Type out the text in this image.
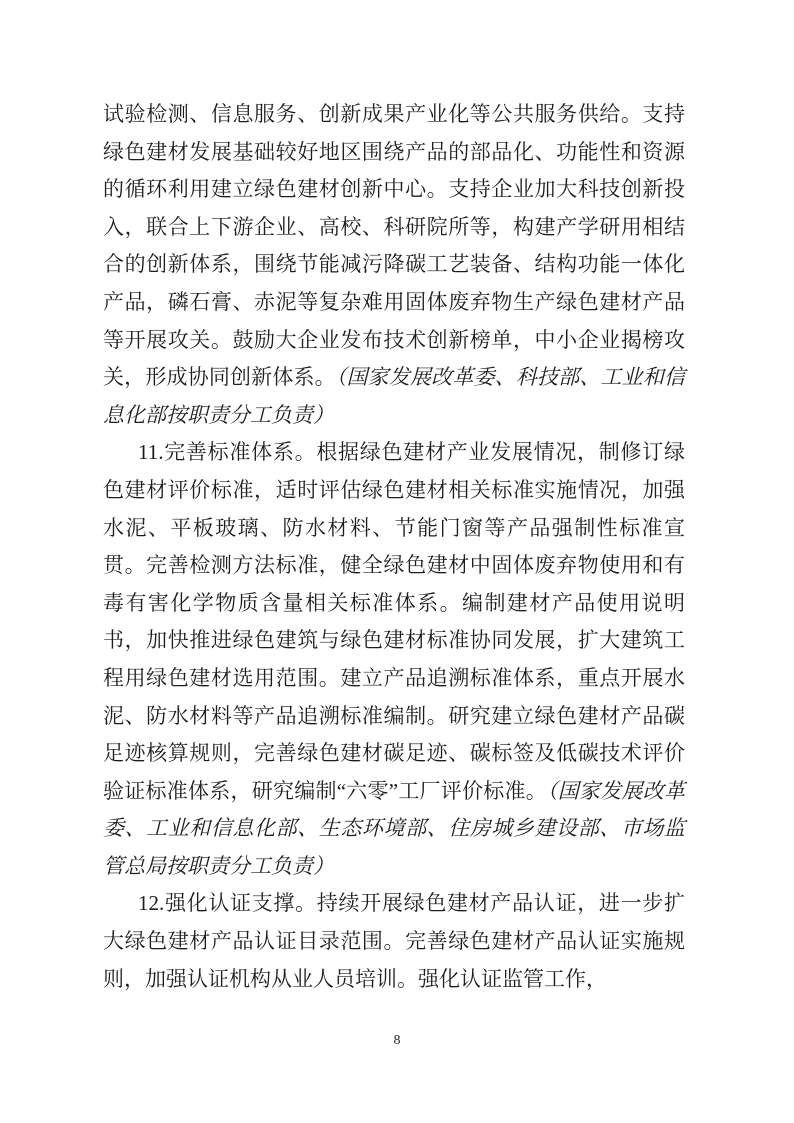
试验检测、信息服务、创新成果产业化等公共服务供给。支持绿色建材发展基础较好地区围绕产品的部品化、功能性和资源的循环利用建立绿色建材创新中心。支持企业加大科技创新投入，联合上下游企业、高校、科研院所等，构建产学研用相结合的创新体系，围绕节能减污降碳工艺装备、结构功能一体化产品，磷石膏、赤泥等复杂难用固体废弃物生产绿色建材产品等开展攻关。鼓励大企业发布技术创新榜单，中小企业揭榜攻关，形成协同创新体系。（国家发展改革委、科技部、工业和信息化部按职责分工负责）

11.完善标准体系。根据绿色建材产业发展情况，制修订绿色建材评价标准，适时评估绿色建材相关标准实施情况，加强水泥、平板玻璃、防水材料、节能门窗等产品强制性标准宣贯。完善检测方法标准，健全绿色建材中固体废弃物使用和有毒有害化学物质含量相关标准体系。编制建材产品使用说明书，加快推进绿色建筑与绿色建材标准协同发展，扩大建筑工程用绿色建材选用范围。建立产品追溯标准体系，重点开展水泥、防水材料等产品追溯标准编制。研究建立绿色建材产品碳足迹核算规则，完善绿色建材碳足迹、碳标签及低碳技术评价验证标准体系，研究编制“六零”工厂评价标准。（国家发展改革委、工业和信息化部、生态环境部、住房城乡建设部、市场监管总局按职责分工负责）

12.强化认证支撑。持续开展绿色建材产品认证，进一步扩大绿色建材产品认证目录范围。完善绿色建材产品认证实施规则，加强认证机构从业人员培训。强化认证监管工作，

8
